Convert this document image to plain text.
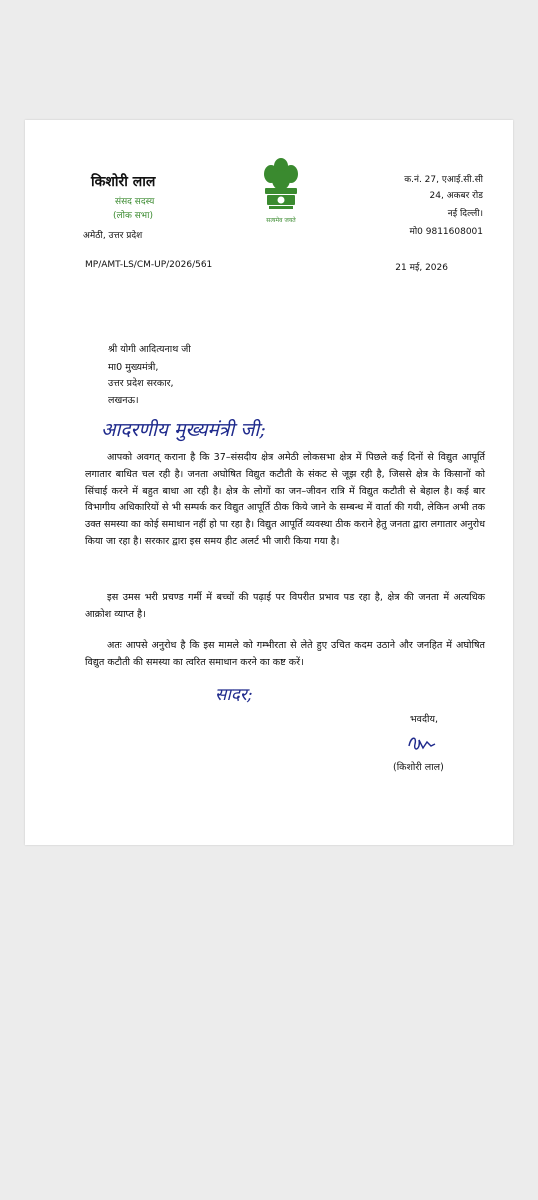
किशोरी लाल
संसद सदस्य
(लोक सभा)
अमेठी, उत्तर प्रदेश
सत्यमेव जयते
क.नं. 27, एआई.सी.सी
24, अकबर रोड
नई दिल्ली।
मो0 9811608001
MP/AMT-LS/CM-UP/2026/561	21 मई, 2026
श्री योगी आदित्यनाथ जी
मा0 मुख्यमंत्री,
उत्तर प्रदेश सरकार,
लखनऊ।
आदरणीय मुख्यमंत्री जी;
आपको अवगत् कराना है कि 37–संसदीय क्षेत्र अमेठी लोकसभा क्षेत्र में पिछले कई दिनों से विद्युत आपूर्ति लगातार बाधित चल रही है। जनता अघोषित विद्युत कटौती के संकट से जूझ रही है, जिससे क्षेत्र के किसानों को सिंचाई करने में बहुत बाधा आ रही है। क्षेत्र के लोगों का जन–जीवन रात्रि में विद्युत कटौती से बेहाल है। कई बार विभागीय अधिकारियों से भी सम्पर्क कर विद्युत आपूर्ति ठीक किये जाने के सम्बन्ध में वार्ता की गयी, लेकिन अभी तक उक्त समस्या का कोई समाधान नहीं हो पा रहा है। विद्युत आपूर्ति व्यवस्था ठीक कराने हेतु जनता द्वारा लगातार अनुरोध किया जा रहा है। सरकार द्वारा इस समय हीट अलर्ट भी जारी किया गया है।
इस उमस भरी प्रचण्ड गर्मी में बच्चों की पढ़ाई पर विपरीत प्रभाव पड रहा है, क्षेत्र की जनता में अत्यधिक आक्रोश व्याप्त है।
अतः आपसे अनुरोध है कि इस मामले को गम्भीरता से लेते हुए उचित कदम उठाने और जनहित में अघोषित विद्युत कटौती की समस्या का त्वरित समाधान करने का कष्ट करें।
सादर;
भवदीय,
(किशोरी लाल)
